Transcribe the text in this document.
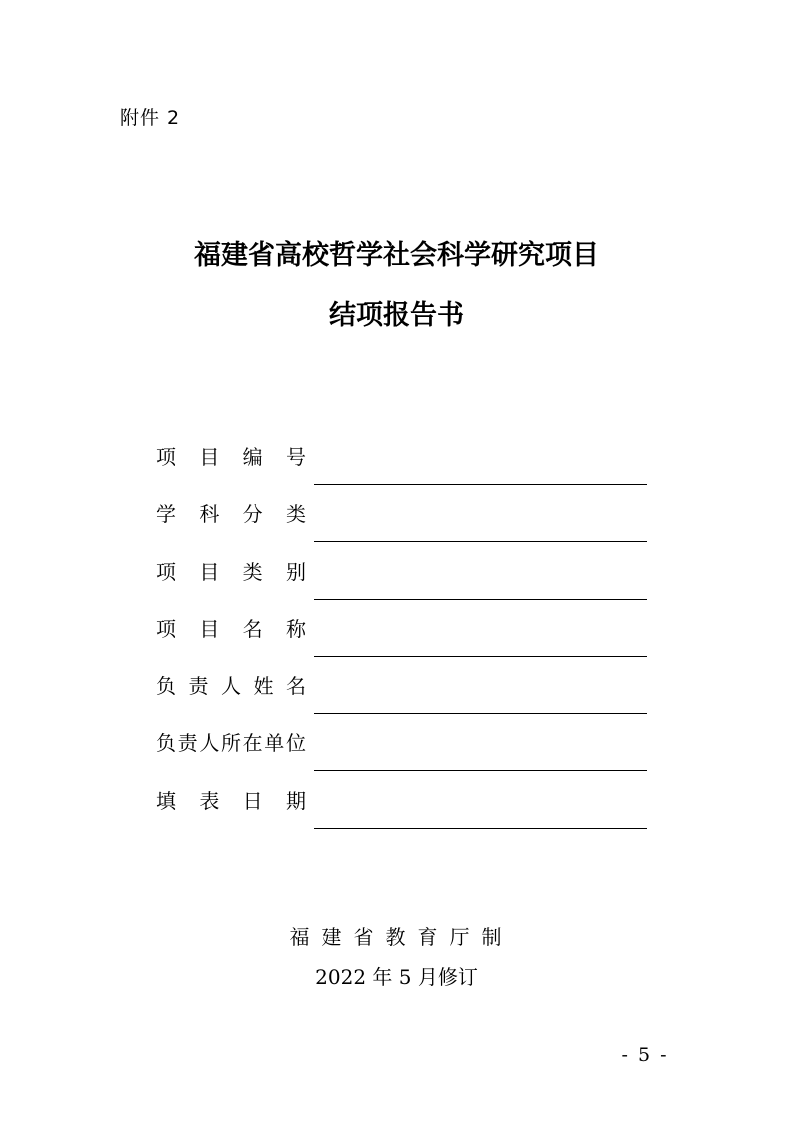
附件 2
福建省高校哲学社会科学研究项目
结项报告书
项 目 编 号
学 科 分 类
项 目 类 别
项 目 名 称
负 责 人 姓 名
负 责 人 所 在 单 位
填 表 日 期
福建省教育厅制
2022 年 5 月修订
- 5 -
